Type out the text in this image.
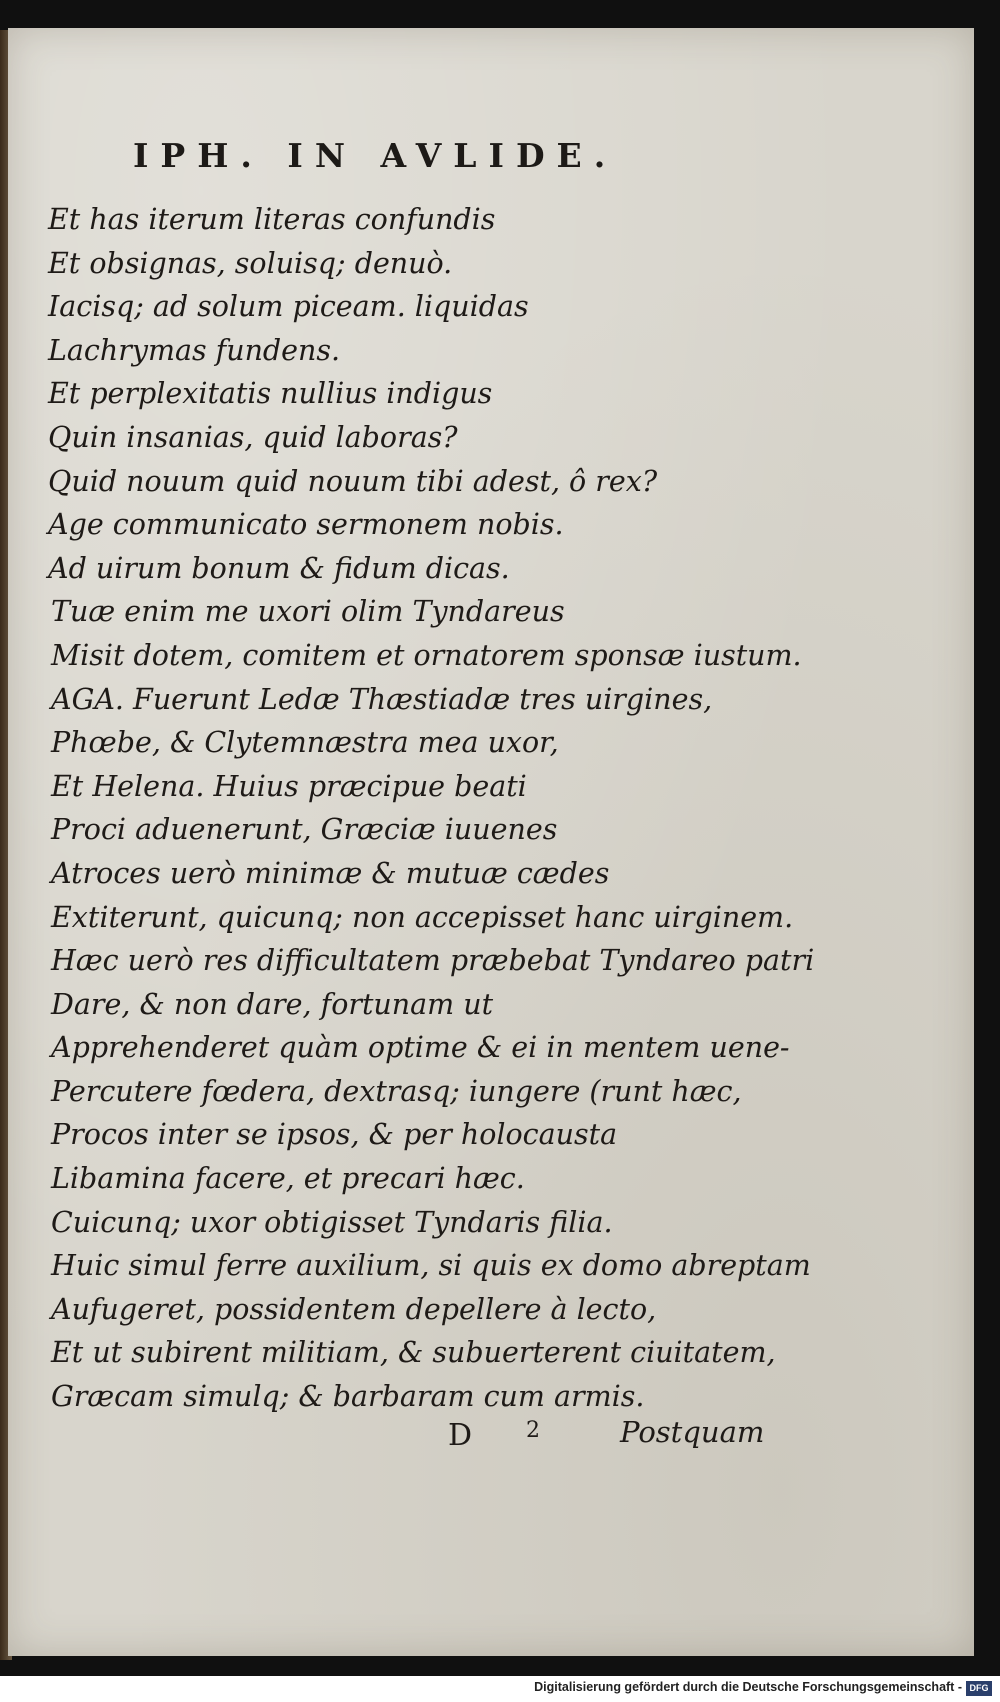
IPH. IN AVLIDE.
Et has iterum literas confundis
Et obsignas, soluisq; denuò.
Iacisq; ad solum piceam. liquidas
Lachrymas fundens.
Et perplexitatis nullius indigus
Quin insanias, quid laboras?
Quid nouum quid nouum tibi adest, ô rex?
Age communicato sermonem nobis.
Ad uirum bonum & fidum dicas.
Tuæ enim me uxori olim Tyndareus
Misit dotem, comitem et ornatorem sponsæ iustum.
AGA. Fuerunt Ledæ Thæstiadæ tres uirgines,
Phœbe, & Clytemnæstra mea uxor,
Et Helena. Huius præcipue beati
Proci aduenerunt, Græciæ iuuenes
Atroces uerò minimæ & mutuæ cædes
Extiterunt, quicunq; non accepisset hanc uirginem.
Hæc uerò res difficultatem præbebat Tyndareo patri
Dare, & non dare, fortunam ut
Apprehenderet quàm optime & ei in mentem uene-
Percutere fœdera, dextrasq; iungere (runt hæc,
Procos inter se ipsos, & per holocausta
Libamina facere, et precari hæc.
Cuicunq; uxor obtigisset Tyndaris filia.
Huic simul ferre auxilium, si quis ex domo abreptam
Aufugeret, possidentem depellere à lecto,
Et ut subirent militiam, & subuerterent ciuitatem,
Græcam simulq; & barbaram cum armis.
D 2	Postquam
Digitalisierung gefördert durch die Deutsche Forschungsgemeinschaft - DFG
